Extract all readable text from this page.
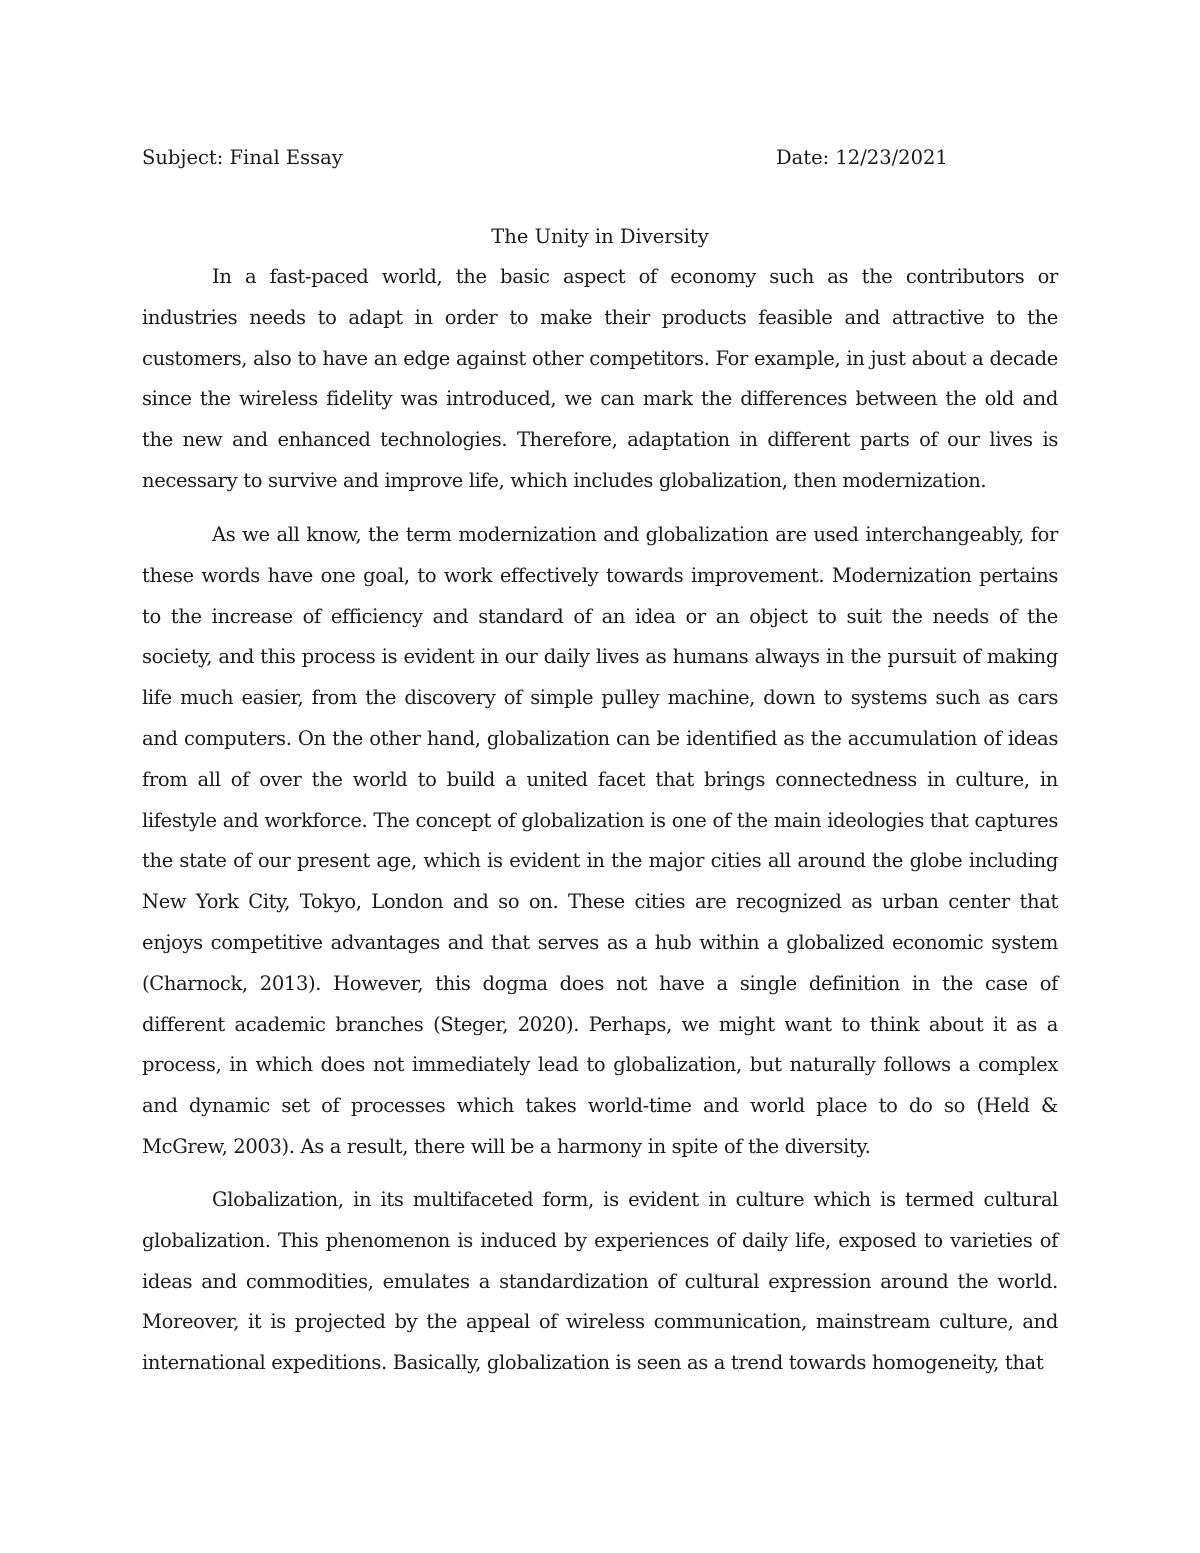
Subject: Final Essay	Date: 12/23/2021
The Unity in Diversity

In a fast-paced world, the basic aspect of economy such as the contributors or industries needs to adapt in order to make their products feasible and attractive to the customers, also to have an edge against other competitors. For example, in just about a decade since the wireless fidelity was introduced, we can mark the differences between the old and the new and enhanced technologies. Therefore, adaptation in different parts of our lives is necessary to survive and improve life, which includes globalization, then modernization.

As we all know, the term modernization and globalization are used interchangeably, for these words have one goal, to work effectively towards improvement. Modernization pertains to the increase of efficiency and standard of an idea or an object to suit the needs of the society, and this process is evident in our daily lives as humans always in the pursuit of making life much easier, from the discovery of simple pulley machine, down to systems such as cars and computers. On the other hand, globalization can be identified as the accumulation of ideas from all of over the world to build a united facet that brings connectedness in culture, in lifestyle and workforce. The concept of globalization is one of the main ideologies that captures the state of our present age, which is evident in the major cities all around the globe including New York City, Tokyo, London and so on. These cities are recognized as urban center that enjoys competitive advantages and that serves as a hub within a globalized economic system (Charnock, 2013). However, this dogma does not have a single definition in the case of different academic branches (Steger, 2020). Perhaps, we might want to think about it as a process, in which does not immediately lead to globalization, but naturally follows a complex and dynamic set of processes which takes world-time and world place to do so (Held & McGrew, 2003). As a result, there will be a harmony in spite of the diversity.

Globalization, in its multifaceted form, is evident in culture which is termed cultural globalization. This phenomenon is induced by experiences of daily life, exposed to varieties of ideas and commodities, emulates a standardization of cultural expression around the world. Moreover, it is projected by the appeal of wireless communication, mainstream culture, and international expeditions. Basically, globalization is seen as a trend towards homogeneity, that
